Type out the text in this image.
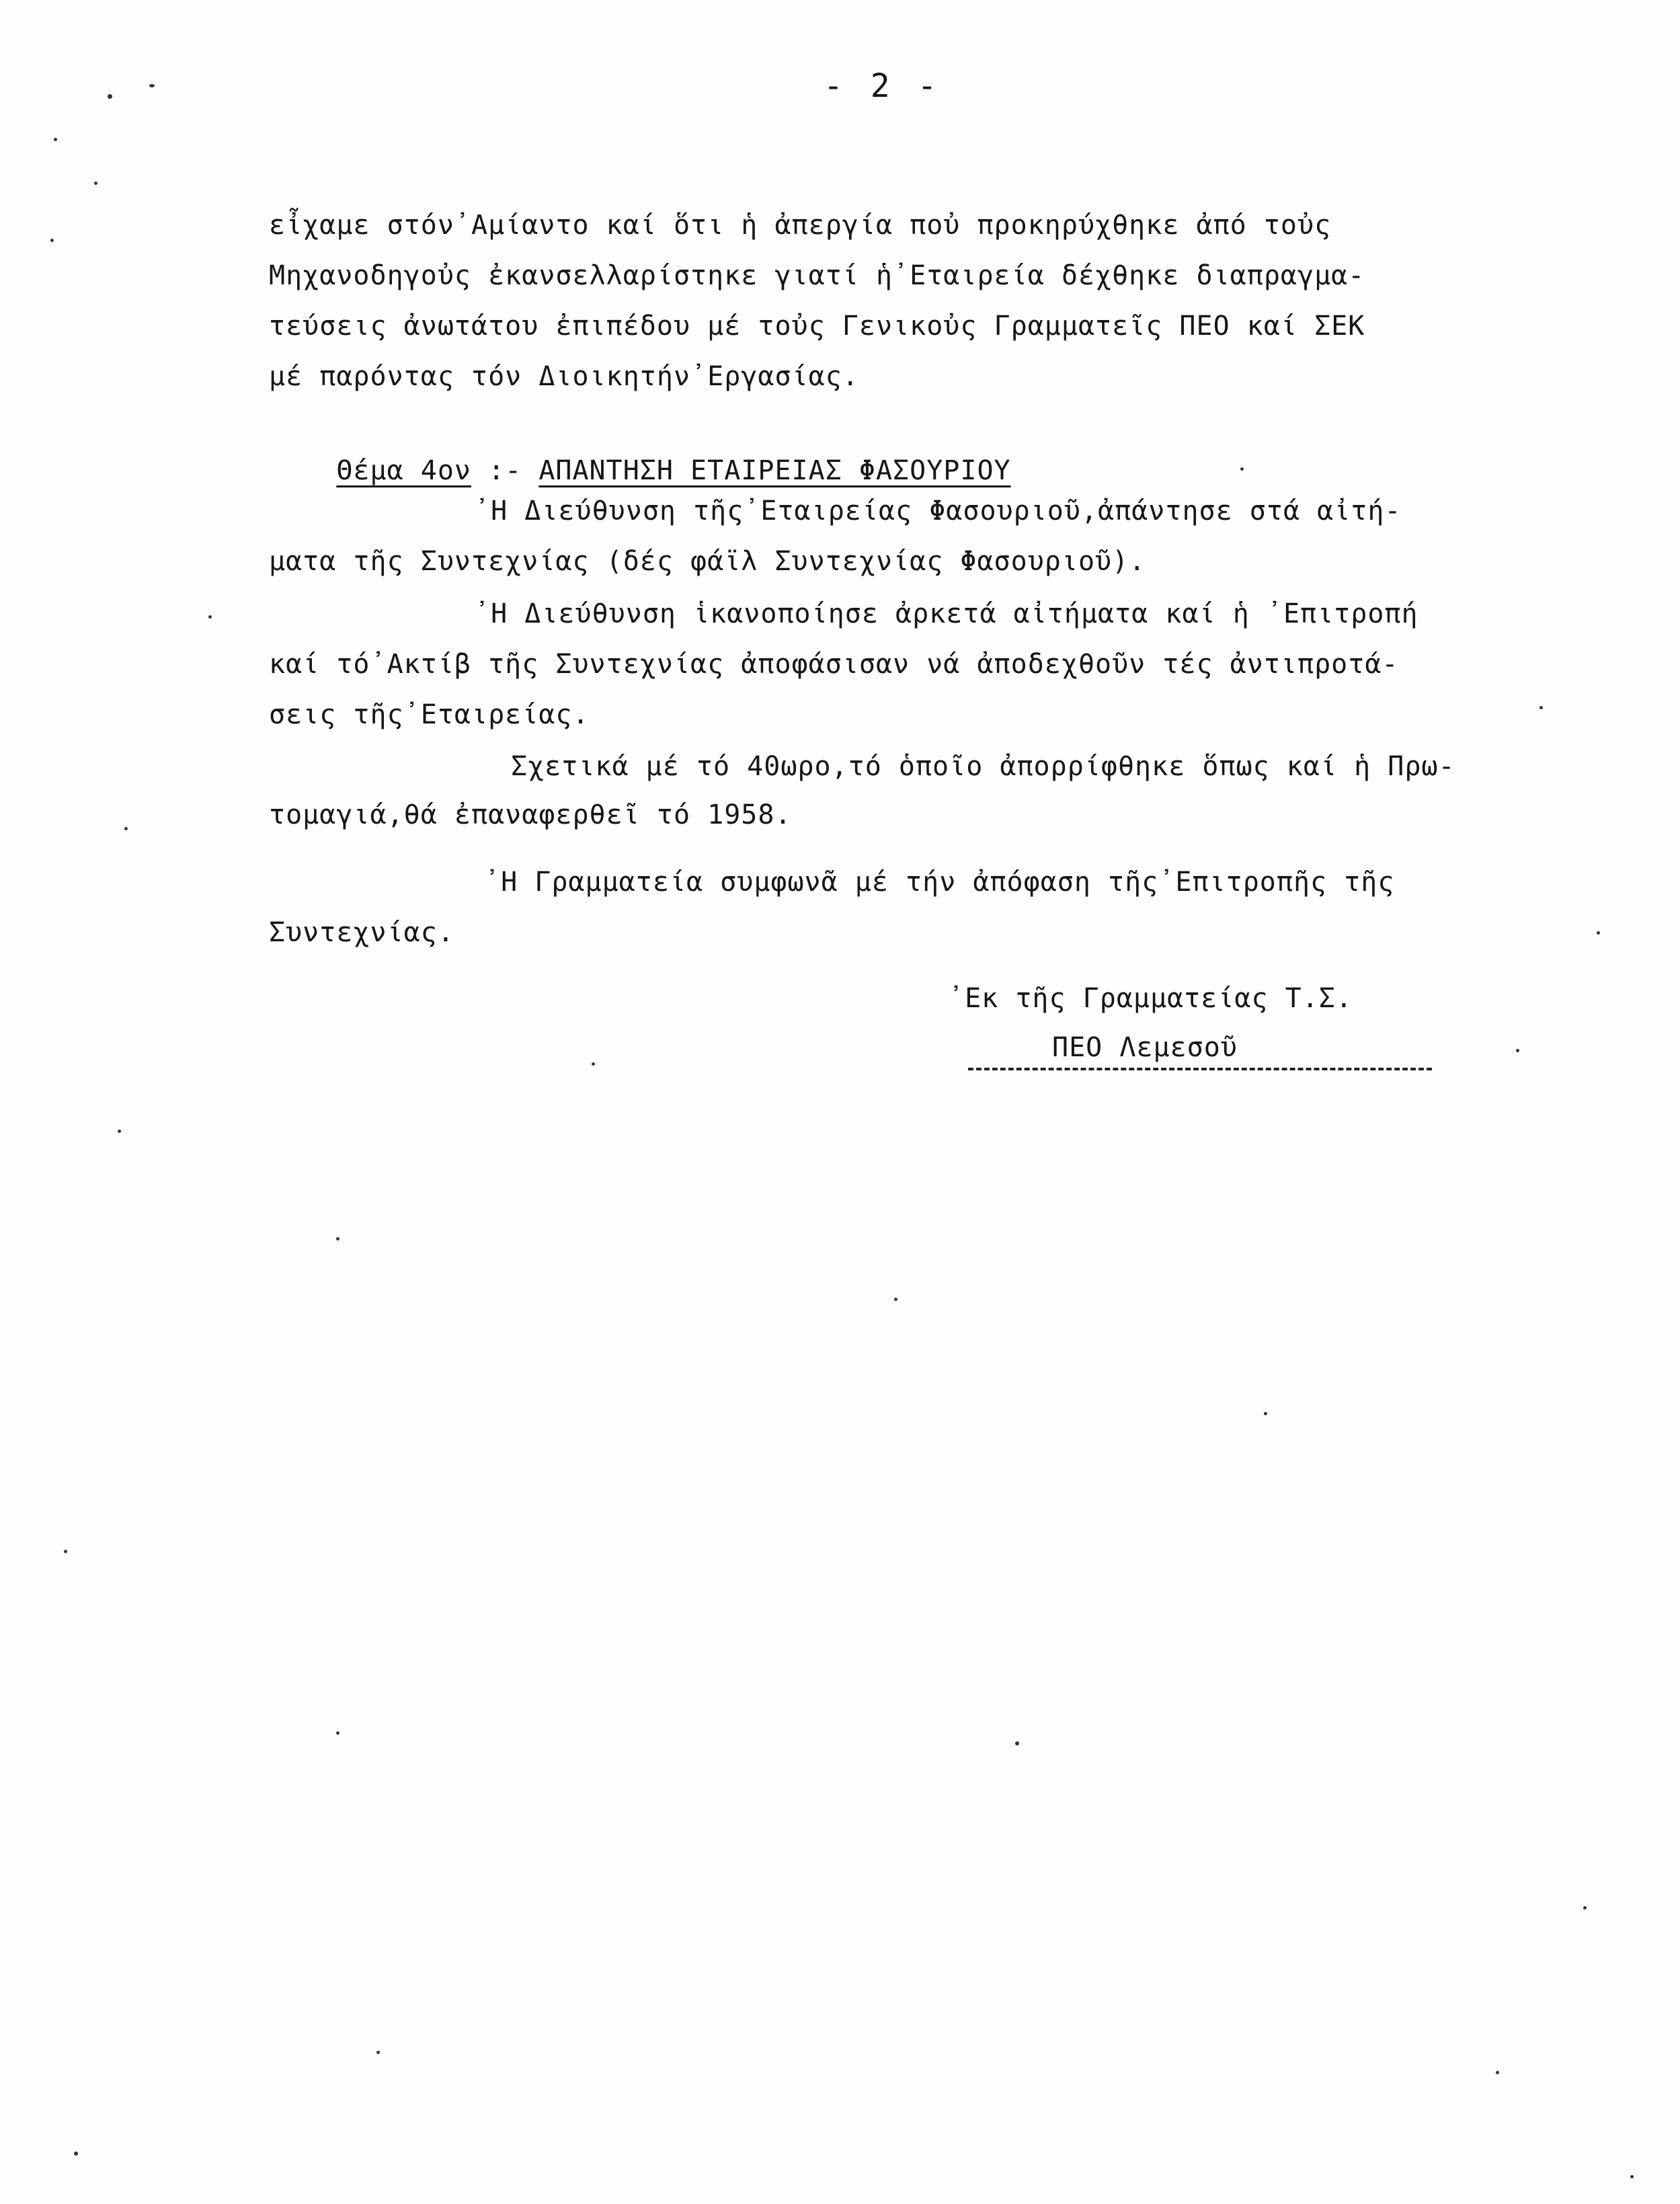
- 2 -
εἶχαμε στόν᾽Αμίαντο καί ὅτι ἡ ἀπεργία ποὐ προκηρύχθηκε ἀπό τοὐς
Μηχανοδηγοὐς ἐκανσελλαρίστηκε γιατί ἡ᾽Εταιρεία δέχθηκε διαπραγμα-
τεύσεις ἀνωτάτου ἐπιπέδου μέ τοὐς Γενικοὐς Γραμματεῖς ΠΕΟ καί ΣΕΚ
μέ παρόντας τόν Διοικητήν᾽Εργασίας.

Θέμα 4ον :- ΑΠΑΝΤΗΣΗ ΕΤΑΙΡΕΙΑΣ ΦΑΣΟΥΡΙΟΥ

᾽Η Διεύθυνση τῆς᾽Εταιρείας Φασουριοῦ,ἀπάντησε στά αἰτή-
ματα τῆς Συντεχνίας (δές φάϊλ Συντεχνίας Φασουριοῦ).
᾽Η Διεύθυνση ἱκανοποίησε ἀρκετά αἰτήματα καί ἡ ᾽Επιτροπή
καί τό᾽Ακτίβ τῆς Συντεχνίας ἀποφάσισαν νά ἀποδεχθοῦν τές ἀντιπροτά-
σεις τῆς᾽Εταιρείας.
Σχετικά μέ τό 40ωρο,τό ὁποῖο ἀπορρίφθηκε ὅπως καί ἡ Πρω-
τομαγιά,θά ἐπαναφερθεῖ τό 1958.
᾽Η Γραμματεία συμφωνᾶ μέ τήν ἀπόφαση τῆς᾽Επιτροπῆς τῆς
Συντεχνίας.
᾽Εκ τῆς Γραμματείας Τ.Σ.
ΠΕΟ Λεμεσοῦ
